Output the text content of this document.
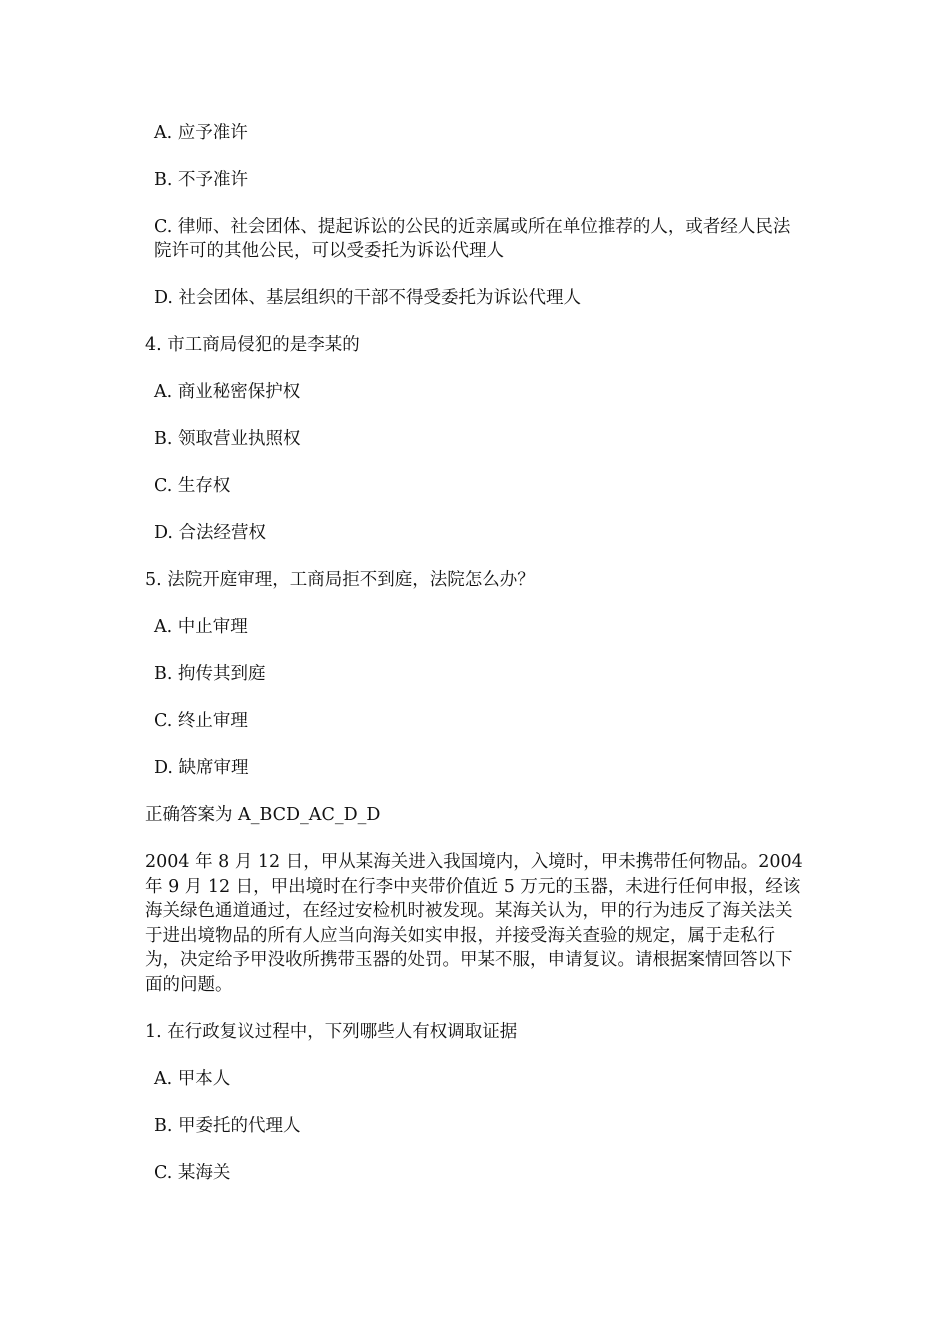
A. 应予准许

B. 不予准许

C. 律师、社会团体、提起诉讼的公民的近亲属或所在单位推荐的人，或者经人民法院许可的其他公民，可以受委托为诉讼代理人

D. 社会团体、基层组织的干部不得受委托为诉讼代理人

4. 市工商局侵犯的是李某的

A. 商业秘密保护权

B. 领取营业执照权

C. 生存权

D. 合法经营权

5. 法院开庭审理，工商局拒不到庭，法院怎么办？

A. 中止审理

B. 拘传其到庭

C. 终止审理

D. 缺席审理

正确答案为 A_BCD_AC_D_D

2004 年 8 月 12 日，甲从某海关进入我国境内，入境时，甲未携带任何物品。2004 年 9 月 12 日，甲出境时在行李中夹带价值近 5 万元的玉器，未进行任何申报，经该海关绿色通道通过，在经过安检机时被发现。某海关认为，甲的行为违反了海关法关于进出境物品的所有人应当向海关如实申报，并接受海关查验的规定，属于走私行为，决定给予甲没收所携带玉器的处罚。甲某不服，申请复议。请根据案情回答以下面的问题。

1. 在行政复议过程中，下列哪些人有权调取证据

A. 甲本人

B. 甲委托的代理人

C. 某海关
